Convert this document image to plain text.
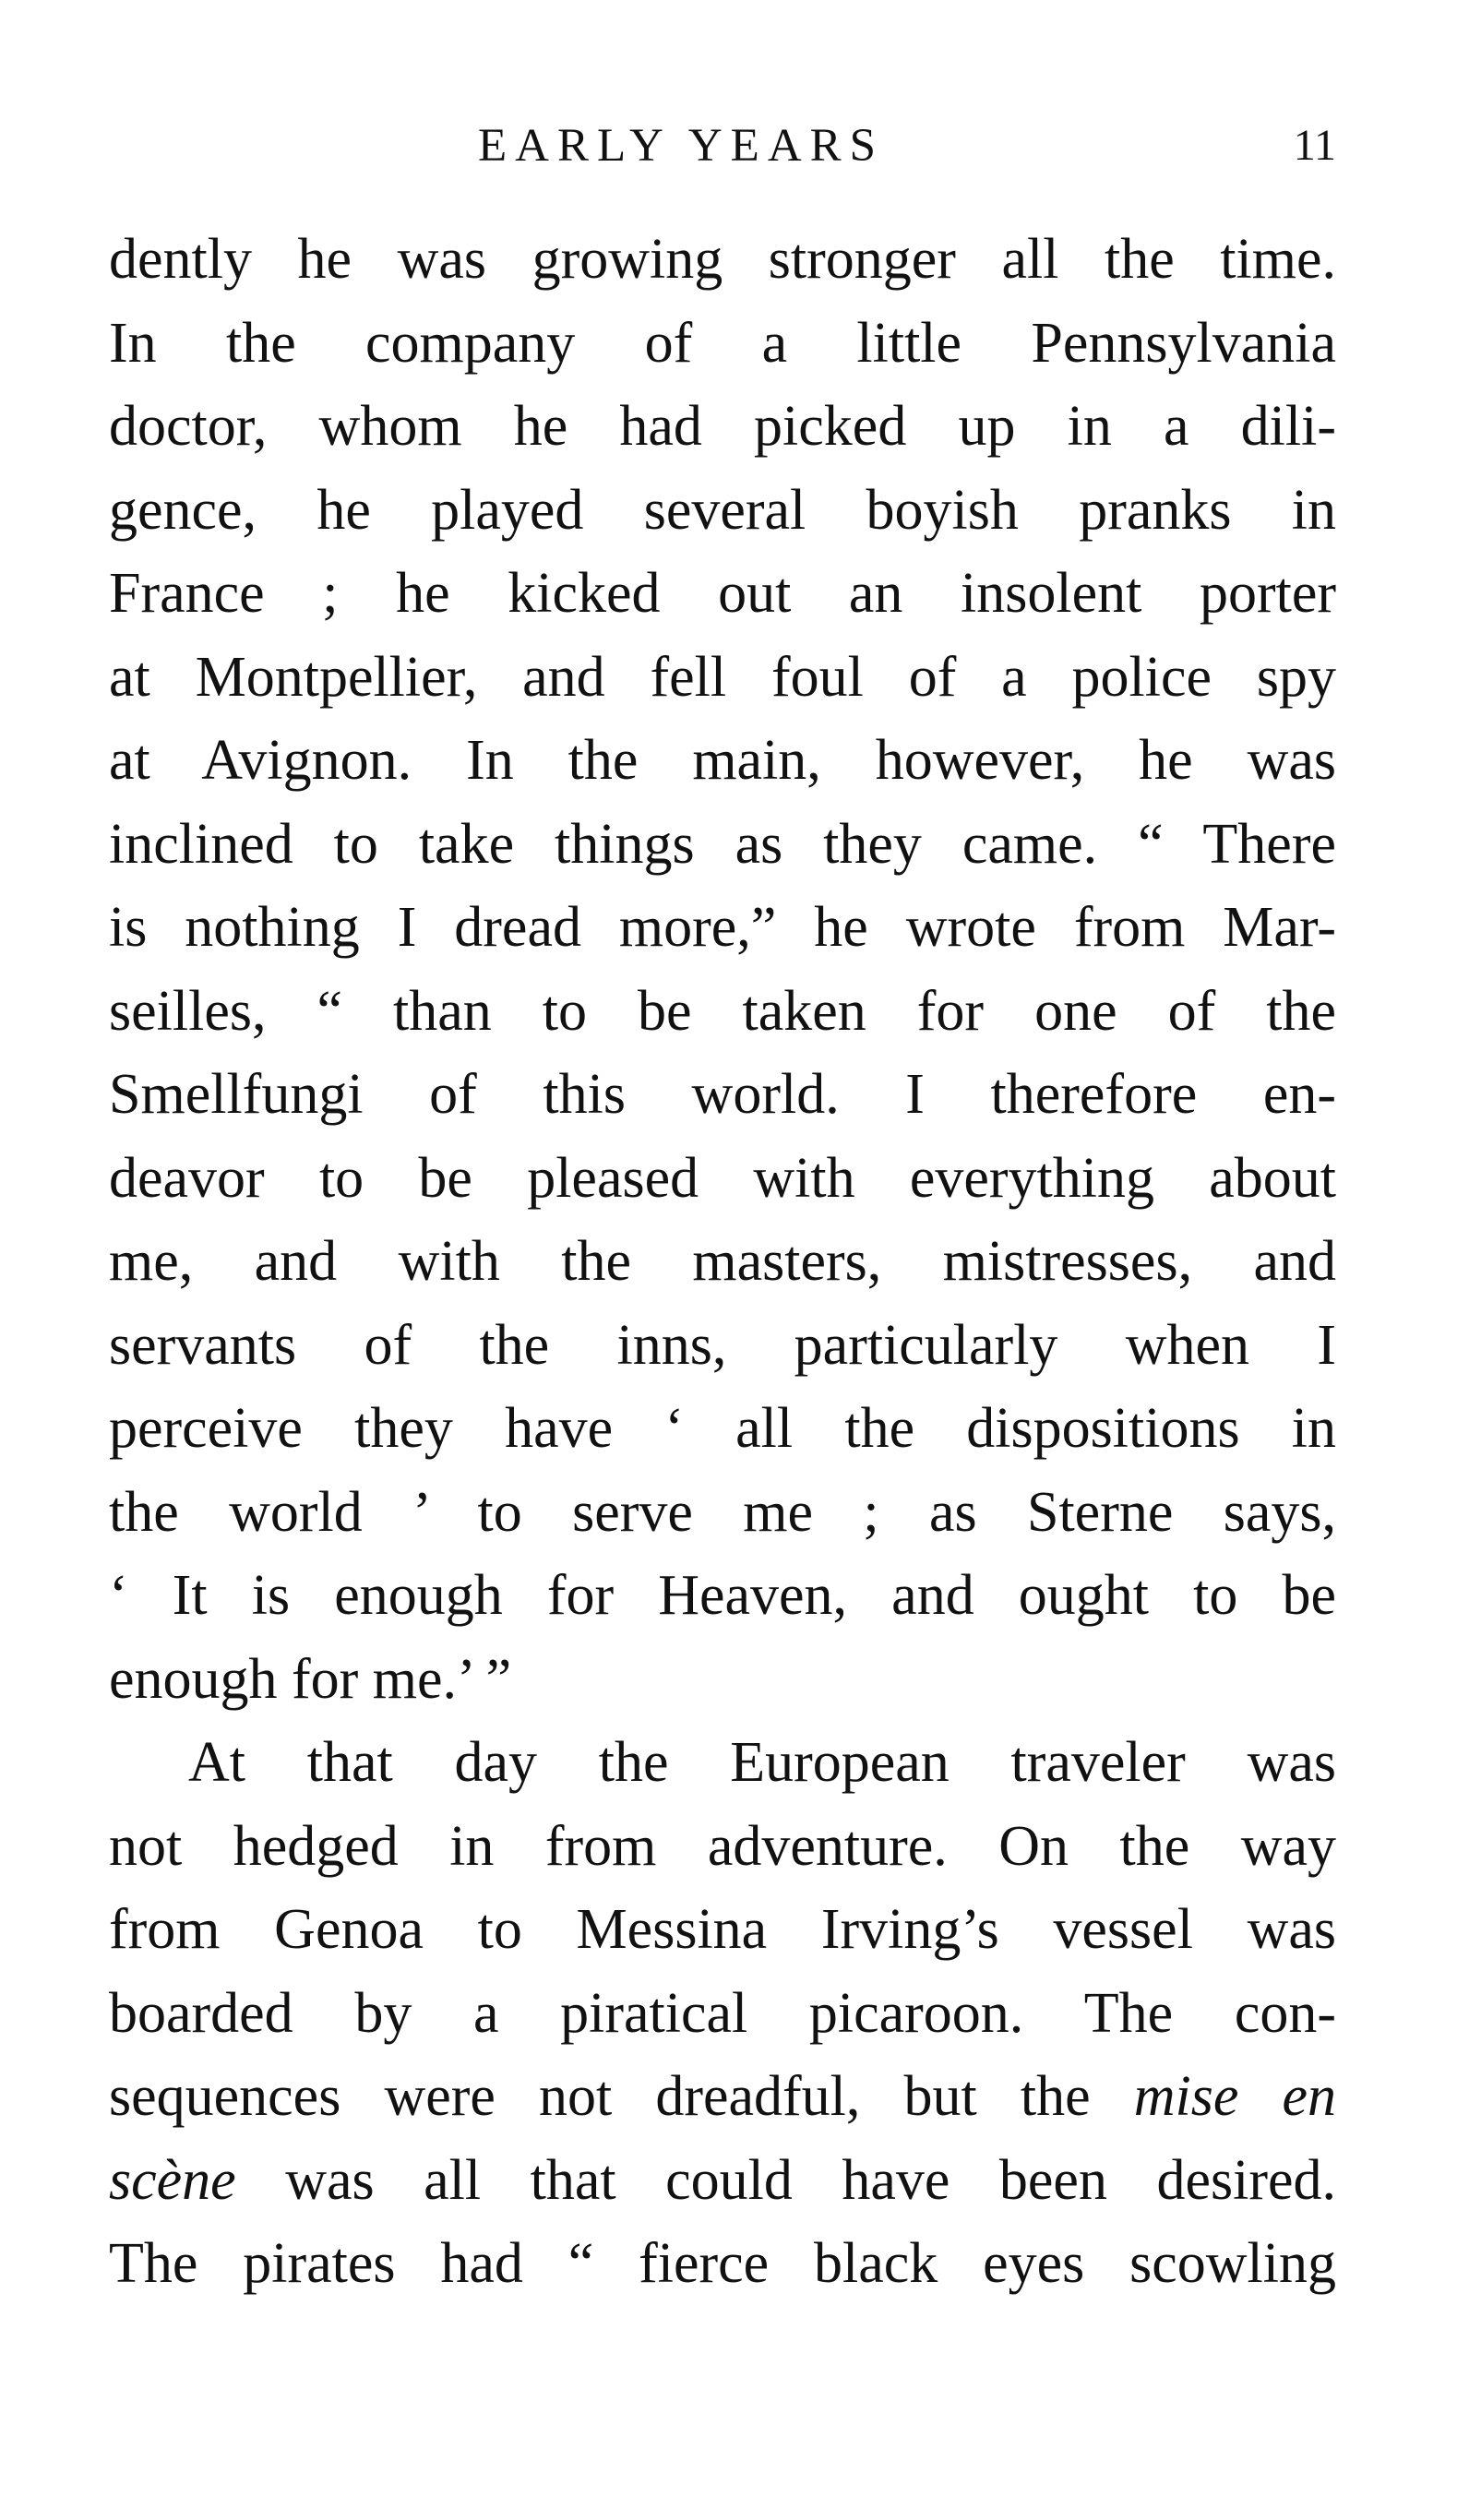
EARLY YEARS	11
dently he was growing stronger all the time.
In the company of a little Pennsylvania
doctor, whom he had picked up in a dili-
gence, he played several boyish pranks in
France ; he kicked out an insolent porter
at Montpellier, and fell foul of a police spy
at Avignon. In the main, however, he was
inclined to take things as they came. “ There
is nothing I dread more,” he wrote from Mar-
seilles, “ than to be taken for one of the
Smellfungi of this world. I therefore en-
deavor to be pleased with everything about
me, and with the masters, mistresses, and
servants of the inns, particularly when I
perceive they have ‘ all the dispositions in
the world ’ to serve me ; as Sterne says,
‘ It is enough for Heaven, and ought to be
enough for me.’ ”
At that day the European traveler was
not hedged in from adventure. On the way
from Genoa to Messina Irving’s vessel was
boarded by a piratical picaroon. The con-
sequences were not dreadful, but the mise en
scène was all that could have been desired.
The pirates had “ fierce black eyes scowling
